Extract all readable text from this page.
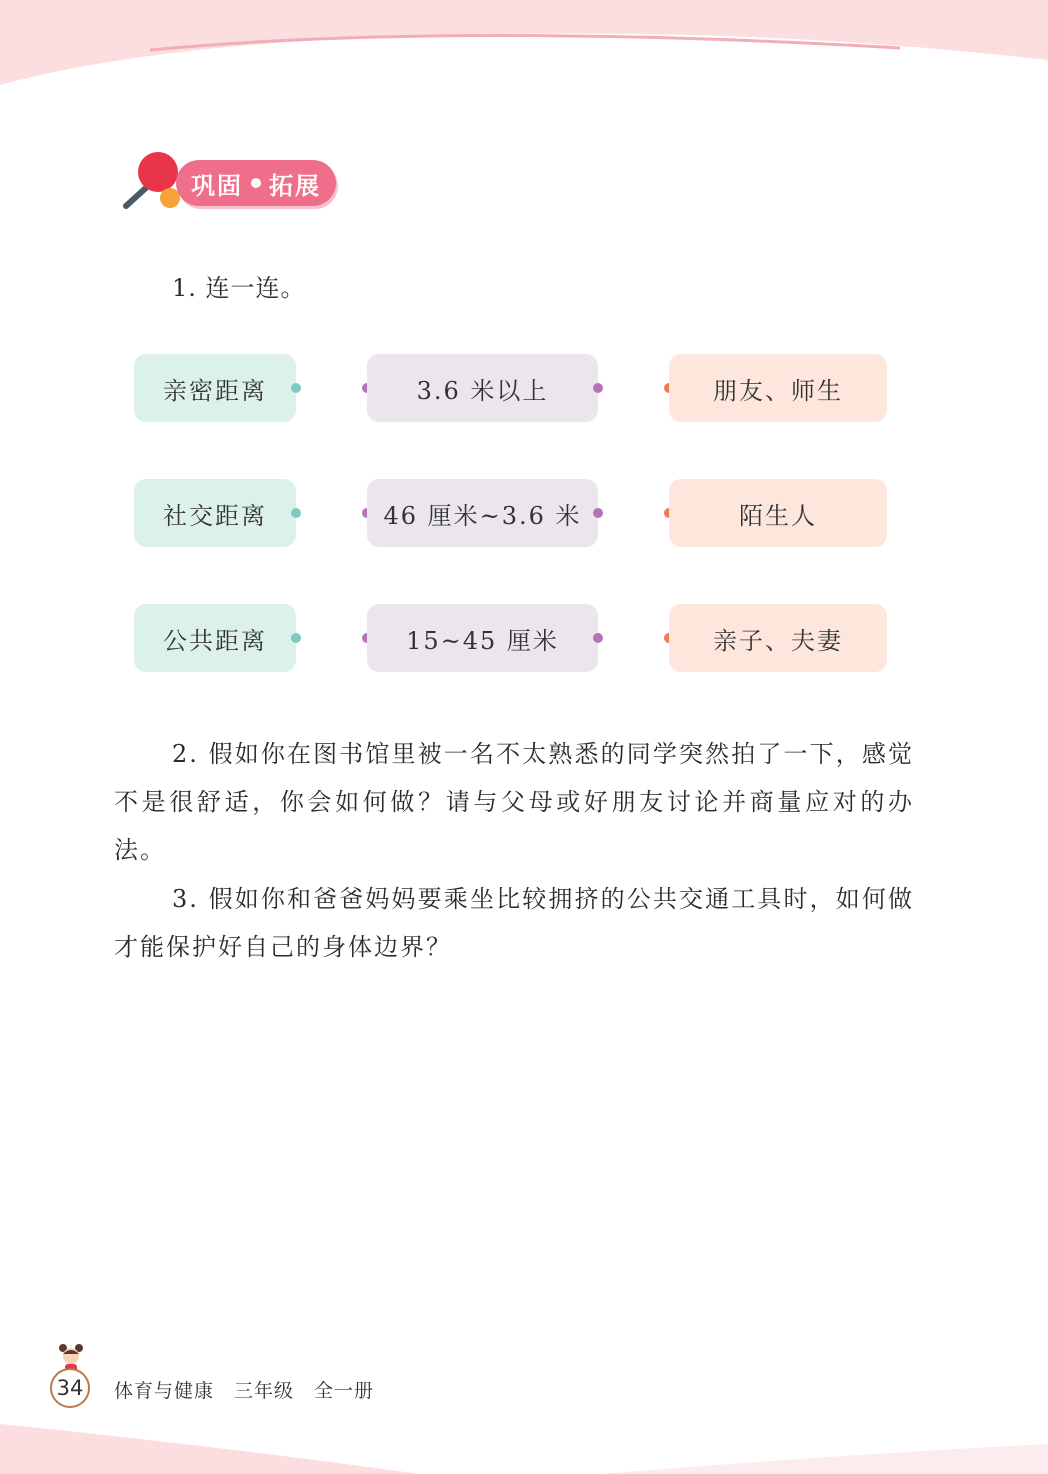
巩固 拓展
1. 连一连。
亲密距离	3.6 米以上	朋友、师生
社交距离	46 厘米~3.6 米	陌生人
公共距离	15~45 厘米	亲子、夫妻

2. 假如你在图书馆里被一名不太熟悉的同学突然拍了一下，感觉不是很舒适，你会如何做？请与父母或好朋友讨论并商量应对的办法。

3. 假如你和爸爸妈妈要乘坐比较拥挤的公共交通工具时，如何做才能保护好自己的身体边界？

34	体育与健康　三年级　全一册
